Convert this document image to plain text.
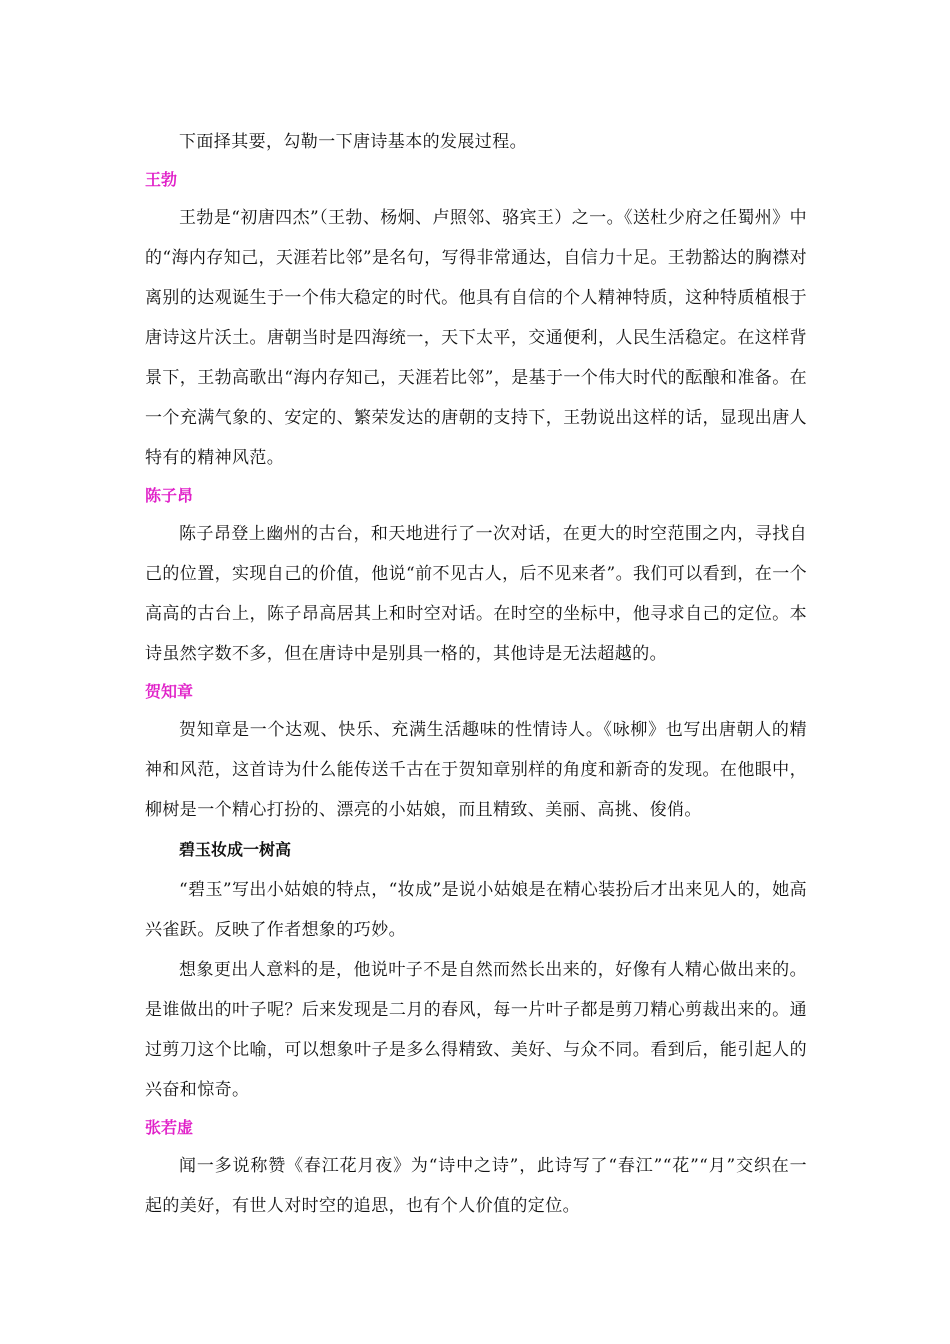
下面择其要，勾勒一下唐诗基本的发展过程。

王勃

王勃是“初唐四杰”（王勃、杨炯、卢照邻、骆宾王）之一。《送杜少府之任蜀州》中的“海内存知己，天涯若比邻”是名句，写得非常通达，自信力十足。王勃豁达的胸襟对离别的达观诞生于一个伟大稳定的时代。他具有自信的个人精神特质，这种特质植根于唐诗这片沃土。唐朝当时是四海统一，天下太平，交通便利，人民生活稳定。在这样背景下，王勃高歌出“海内存知己，天涯若比邻”，是基于一个伟大时代的酝酿和准备。在一个充满气象的、安定的、繁荣发达的唐朝的支持下，王勃说出这样的话，显现出唐人特有的精神风范。

陈子昂

陈子昂登上幽州的古台，和天地进行了一次对话，在更大的时空范围之内，寻找自己的位置，实现自己的价值，他说“前不见古人，后不见来者”。我们可以看到，在一个高高的古台上，陈子昂高居其上和时空对话。在时空的坐标中，他寻求自己的定位。本诗虽然字数不多，但在唐诗中是别具一格的，其他诗是无法超越的。

贺知章

贺知章是一个达观、快乐、充满生活趣味的性情诗人。《咏柳》也写出唐朝人的精神和风范，这首诗为什么能传送千古在于贺知章别样的角度和新奇的发现。在他眼中，柳树是一个精心打扮的、漂亮的小姑娘，而且精致、美丽、高挑、俊俏。

碧玉妆成一树高

“碧玉”写出小姑娘的特点，“妆成”是说小姑娘是在精心装扮后才出来见人的，她高兴雀跃。反映了作者想象的巧妙。

想象更出人意料的是，他说叶子不是自然而然长出来的，好像有人精心做出来的。是谁做出的叶子呢？后来发现是二月的春风，每一片叶子都是剪刀精心剪裁出来的。通过剪刀这个比喻，可以想象叶子是多么得精致、美好、与众不同。看到后，能引起人的兴奋和惊奇。

张若虚

闻一多说称赞《春江花月夜》为“诗中之诗”，此诗写了“春江”“花”“月”交织在一起的美好，有世人对时空的追思，也有个人价值的定位。
